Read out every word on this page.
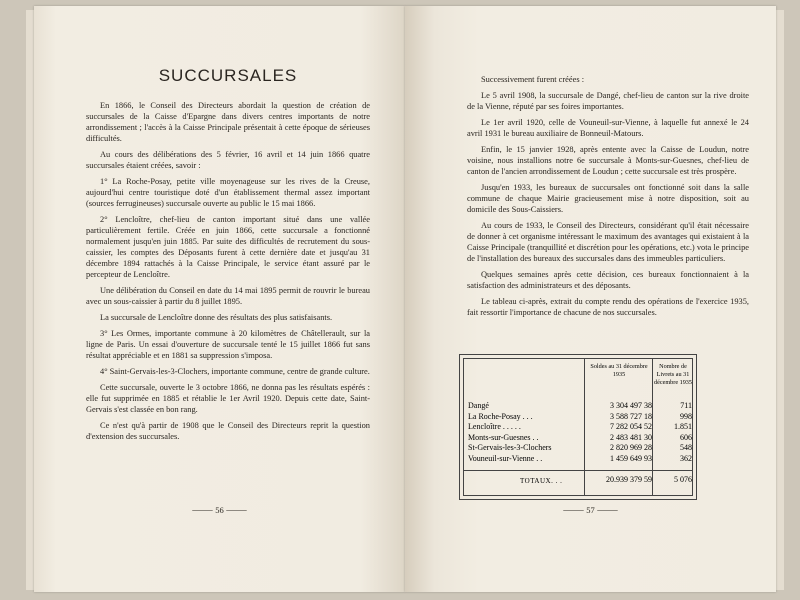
SUCCURSALES

En 1866, le Conseil des Directeurs abordait la question de création de succursales de la Caisse d'Epargne dans divers centres importants de notre arrondissement ; l'accès à la Caisse Principale présentait à cette époque de sérieuses difficultés.

Au cours des délibérations des 5 février, 16 avril et 14 juin 1866 quatre succursales étaient créées, savoir :

1° La Roche-Posay, petite ville moyenageuse sur les rives de la Creuse, aujourd'hui centre touristique doté d'un établissement thermal assez important (sources ferrugineuses) succursale ouverte au public le 15 mai 1866.

2° Lencloître, chef-lieu de canton important situé dans une vallée particulièrement fertile. Créée en juin 1866, cette succursale a fonctionné normalement jusqu'en juin 1885. Par suite des difficultés de recrutement du sous-caissier, les comptes des Déposants furent à cette dernière date et jusqu'au 31 décembre 1894 rattachés à la Caisse Principale, le service étant assuré par le percepteur de Lencloître.

Une délibération du Conseil en date du 14 mai 1895 permit de rouvrir le bureau avec un sous-caissier à partir du 8 juillet 1895.

La succursale de Lencloître donne des résultats des plus satisfaisants.

3° Les Ormes, importante commune à 20 kilomètres de Châtellerault, sur la ligne de Paris. Un essai d'ouverture de succursale tenté le 15 juillet 1866 fut sans résultat appréciable et en 1881 sa suppression s'imposa.

4° Saint-Gervais-les-3-Clochers, importante commune, centre de grande culture.

Cette succursale, ouverte le 3 octobre 1866, ne donna pas les résultats espérés : elle fut supprimée en 1885 et rétablie le 1er Avril 1920. Depuis cette date, Saint-Gervais s'est classée en bon rang.

Ce n'est qu'à partir de 1908 que le Conseil des Directeurs reprit la question d'extension des succursales.

⸻ 56 ⸻

Successivement furent créées :

Le 5 avril 1908, la succursale de Dangé, chef-lieu de canton sur la rive droite de la Vienne, réputé par ses foires importantes.

Le 1er avril 1920, celle de Vouneuil-sur-Vienne, à laquelle fut annexé le 24 avril 1931 le bureau auxiliaire de Bonneuil-Matours.

Enfin, le 15 janvier 1928, après entente avec la Caisse de Loudun, notre voisine, nous installions notre 6e succursale à Monts-sur-Guesnes, chef-lieu de canton de l'ancien arrondissement de Loudun ; cette succursale est très prospère.

Jusqu'en 1933, les bureaux de succursales ont fonctionné soit dans la salle commune de chaque Mairie gracieusement mise à notre disposition, soit au domicile des Sous-Caissiers.

Au cours de 1933, le Conseil des Directeurs, considérant qu'il était nécessaire de donner à cet organisme intéressant le maximum des avantages qui existaient à la Caisse Principale (tranquillité et discrétion pour les opérations, etc.) vota le principe de l'installation des bureaux des succursales dans des immeubles particuliers.

Quelques semaines après cette décision, ces bureaux fonctionnaient à la satisfaction des administrateurs et des déposants.

Le tableau ci-après, extrait du compte rendu des opérations de l'exercice 1935, fait ressortir l'importance de chacune de nos succursales.

Soldes au 31 décembre 1935
Nombre de Livrets au 31 décembre 1935
Dangé	3 304 497 38	711
La Roche-Posay . . .	3 588 727 18	998
Lencloître . . . . .	7 282 054 52	1.851
Monts-sur-Guesnes . .	2 483 481 30	606
St-Gervais-les-3-Clochers	2 820 969 28	548
Vouneuil-sur-Vienne . .	1 459 649 93	362
TOTAUX. . .	20.939 379 59	5 076
⸻ 57 ⸻
